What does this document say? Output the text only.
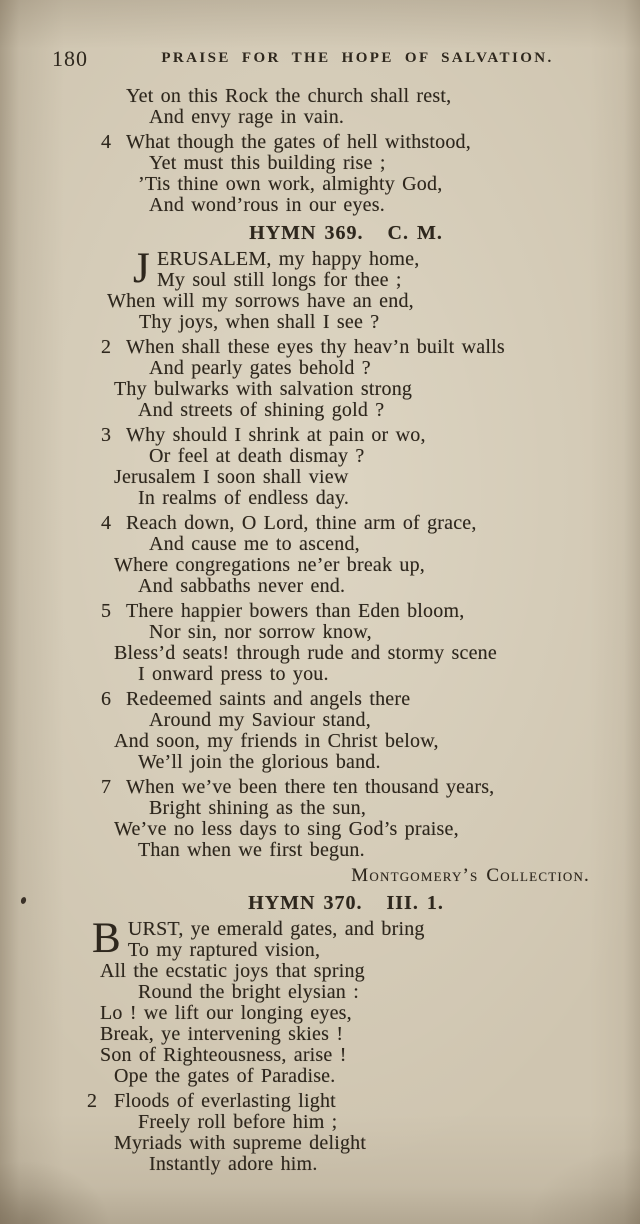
180	PRAISE FOR THE HOPE OF SALVATION.

Yet on this Rock the church shall rest,

And envy rage in vain.

4 What though the gates of hell withstood,

Yet must this building rise ;

’Tis thine own work, almighty God,

And wond’rous in our eyes.

HYMN 369. C. M.
J ERUSALEM, my happy home,

My soul still longs for thee ;

When will my sorrows have an end,

Thy joys, when shall I see ?

2 When shall these eyes thy heav’n built walls

And pearly gates behold ?

Thy bulwarks with salvation strong

And streets of shining gold ?

3 Why should I shrink at pain or wo,

Or feel at death dismay ?

Jerusalem I soon shall view

In realms of endless day.

4 Reach down, O Lord, thine arm of grace,

And cause me to ascend,

Where congregations ne’er break up,

And sabbaths never end.

5 There happier bowers than Eden bloom,

Nor sin, nor sorrow know,

Bless’d seats! through rude and stormy scene

I onward press to you.

6 Redeemed saints and angels there

Around my Saviour stand,

And soon, my friends in Christ below,

We’ll join the glorious band.

7 When we’ve been there ten thousand years,

Bright shining as the sun,

We’ve no less days to sing God’s praise,

Than when we first begun.

Montgomery’s Collection.

HYMN 370. III. 1.
B URST, ye emerald gates, and bring

To my raptured vision,

All the ecstatic joys that spring

Round the bright elysian :

Lo ! we lift our longing eyes,

Break, ye intervening skies !

Son of Righteousness, arise !

Ope the gates of Paradise.

2 Floods of everlasting light

Freely roll before him ;

Myriads with supreme delight

Instantly adore him.
